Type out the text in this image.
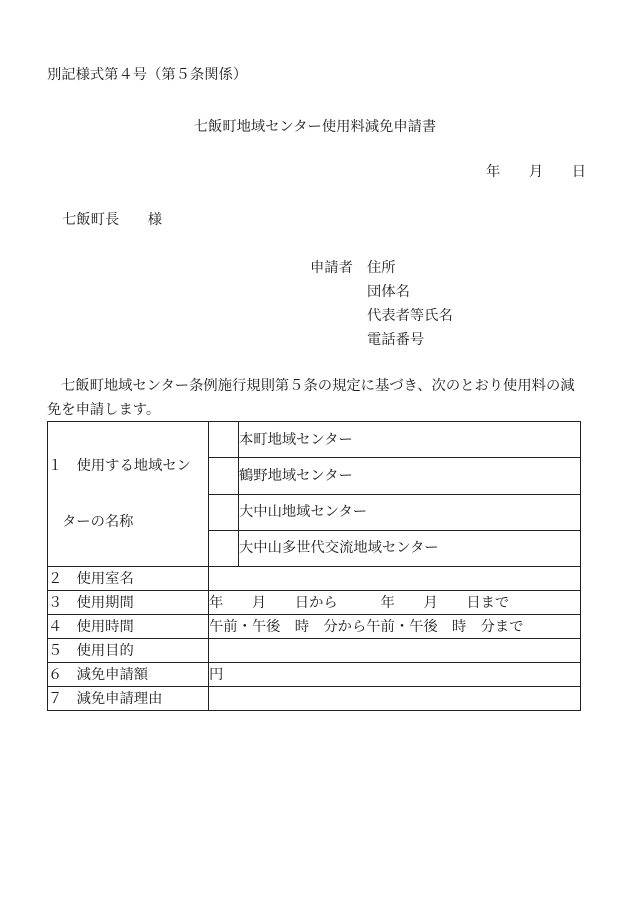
別記様式第４号（第５条関係）
七飯町地域センター使用料減免申請書
年　　月　　日
七飯町長　　様
申請者 住所
団体名
代表者等氏名
電話番号
七飯町地域センター条例施行規則第５条の規定に基づき、次のとおり使用料の減
免を申請します。

１　使用する地域セン

ターの名称		本町地域センター
		鶴野地域センター
		大中山地域センター
		大中山多世代交流地域センター
２　使用室名		
３　使用期間	年　　月　　日から　　　年　　月　　日まで	
４　使用時間	午前・午後　時　分から午前・午後　時　分まで	
５　使用目的		
６　減免申請額	円	
７　減免申請理由		
